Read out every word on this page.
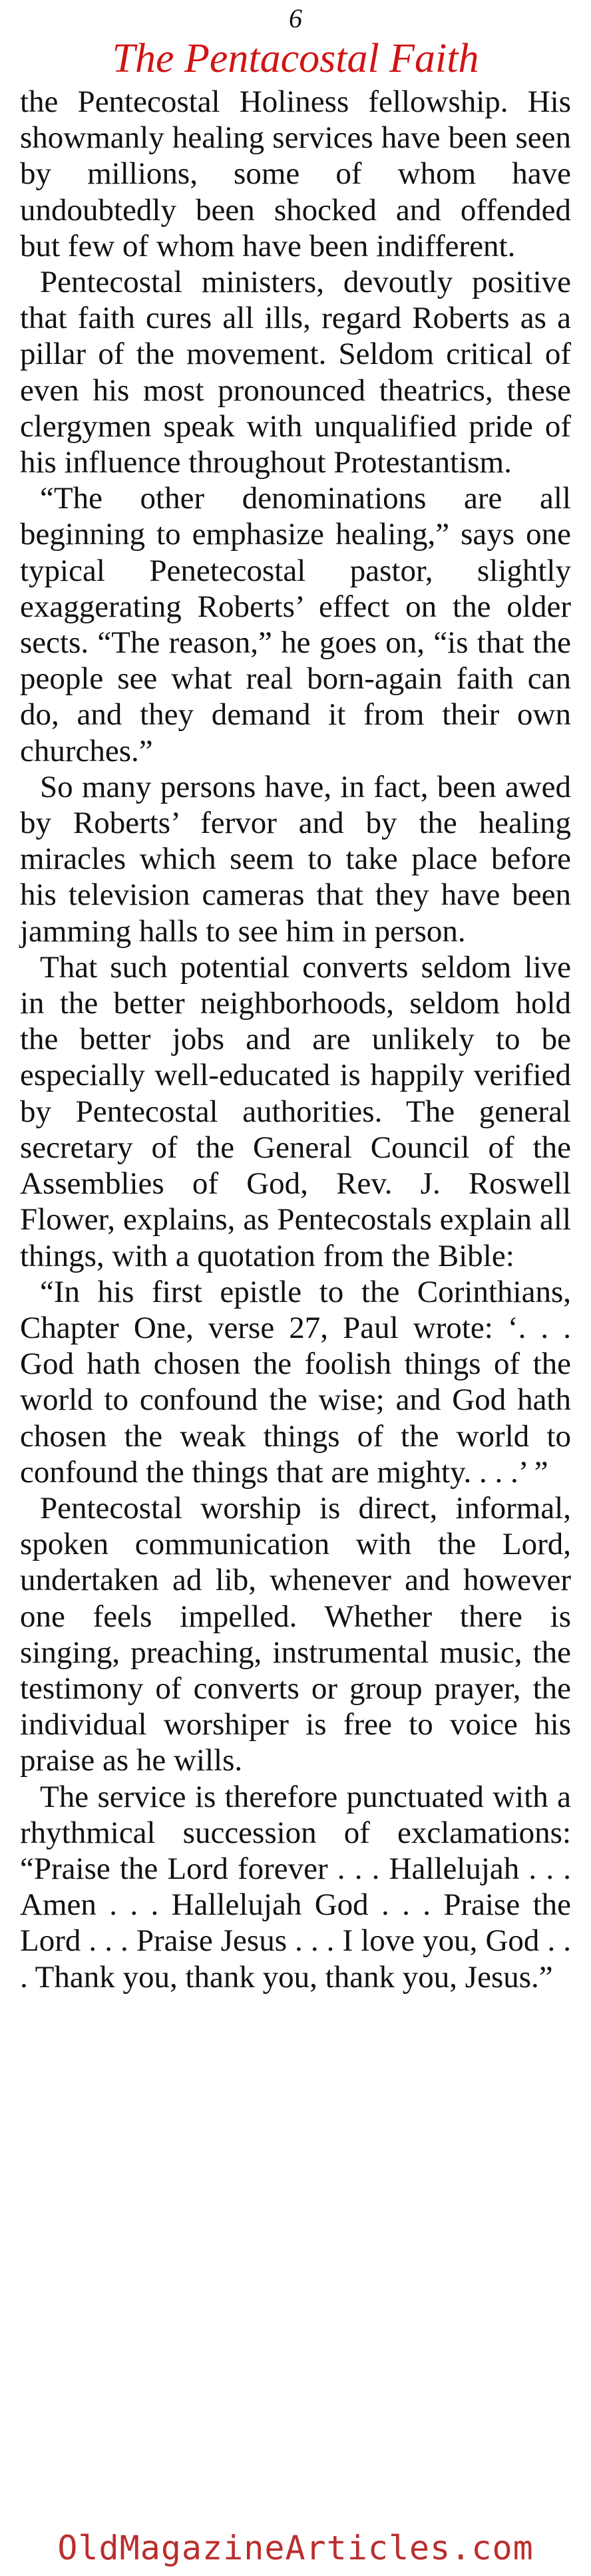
6
The Pentacostal Faith

the Pentecostal Holiness fellowship. His showmanly healing services have been seen by millions, some of whom have undoubtedly been shocked and offended but few of whom have been indifferent.

Pentecostal ministers, devoutly positive that faith cures all ills, regard Roberts as a pillar of the movement. Seldom critical of even his most pronounced theatrics, these clergymen speak with unqualified pride of his influence throughout Protestantism.

“The other denominations are all beginning to emphasize healing,” says one typical Penetecostal pastor, slightly exaggerating Roberts’ effect on the older sects. “The reason,” he goes on, “is that the people see what real born-again faith can do, and they demand it from their own churches.”

So many persons have, in fact, been awed by Roberts’ fervor and by the healing miracles which seem to take place before his television cameras that they have been jamming halls to see him in person.

That such potential converts seldom live in the better neighborhoods, seldom hold the better jobs and are unlikely to be especially well-educated is happily verified by Pentecostal authorities. The general secretary of the General Council of the Assemblies of God, Rev. J. Roswell Flower, explains, as Pentecostals explain all things, with a quotation from the Bible:

“In his first epistle to the Corinthians, Chapter One, verse 27, Paul wrote: ‘. . . God hath chosen the foolish things of the world to confound the wise; and God hath chosen the weak things of the world to confound the things that are mighty. . . .’ ”

Pentecostal worship is direct, informal, spoken communication with the Lord, undertaken ad lib, whenever and however one feels impelled. Whether there is singing, preaching, instrumental music, the testimony of converts or group prayer, the individual worshiper is free to voice his praise as he wills.

The service is therefore punctuated with a rhythmical succession of exclamations: “Praise the Lord forever . . . Hallelujah . . . Amen . . . Hallelujah God . . . Praise the Lord . . . Praise Jesus . . . I love you, God . . . Thank you, thank you, thank you, Jesus.”

OldMagazineArticles.com
